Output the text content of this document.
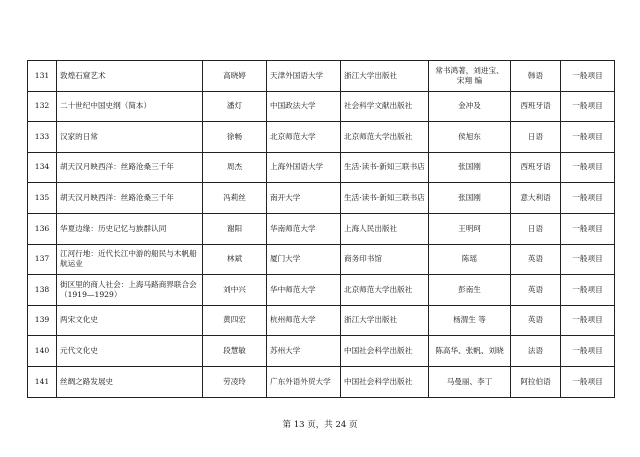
131	敦煌石窟艺术	高晓婷	天津外国语大学	浙江大学出版社	常书鸿著，刘进宝、宋翔 编	韩语	一般项目
132	二十世纪中国史纲（简本）	潘灯	中国政法大学	社会科学文献出版社	金冲及	西班牙语	一般项目
133	汉家的日常	徐畅	北京师范大学	北京师范大学出版社	侯旭东	日语	一般项目
134	胡天汉月映西洋：丝路沧桑三千年	周杰	上海外国语大学	生活·读书·新知三联书店	张国刚	西班牙语	一般项目
135	胡天汉月映西洋：丝路沧桑三千年	冯莉丝	南开大学	生活·读书·新知三联书店	张国刚	意大利语	一般项目
136	华夏边缘：历史记忆与族群认同	谢阳	华南师范大学	上海人民出版社	王明珂	日语	一般项目
137	江河行地：近代长江中游的船民与木帆船航运业	林斌	厦门大学	商务印书馆	陈瑶	英语	一般项目
138	街区里的商人社会：上海马路商界联合会（1919—1929）	刘中兴	华中师范大学	北京师范大学出版社	彭南生	英语	一般项目
139	两宋文化史	黄四宏	杭州师范大学	浙江大学出版社	杨渭生 等	英语	一般项目
140	元代文化史	段慧敏	苏州大学	中国社会科学出版社	陈高华、张帆、刘晓	法语	一般项目
141	丝绸之路发展史	劳凌玲	广东外语外贸大学	中国社会科学出版社	马曼丽、李丁	阿拉伯语	一般项目
第 13 页，共 24 页
